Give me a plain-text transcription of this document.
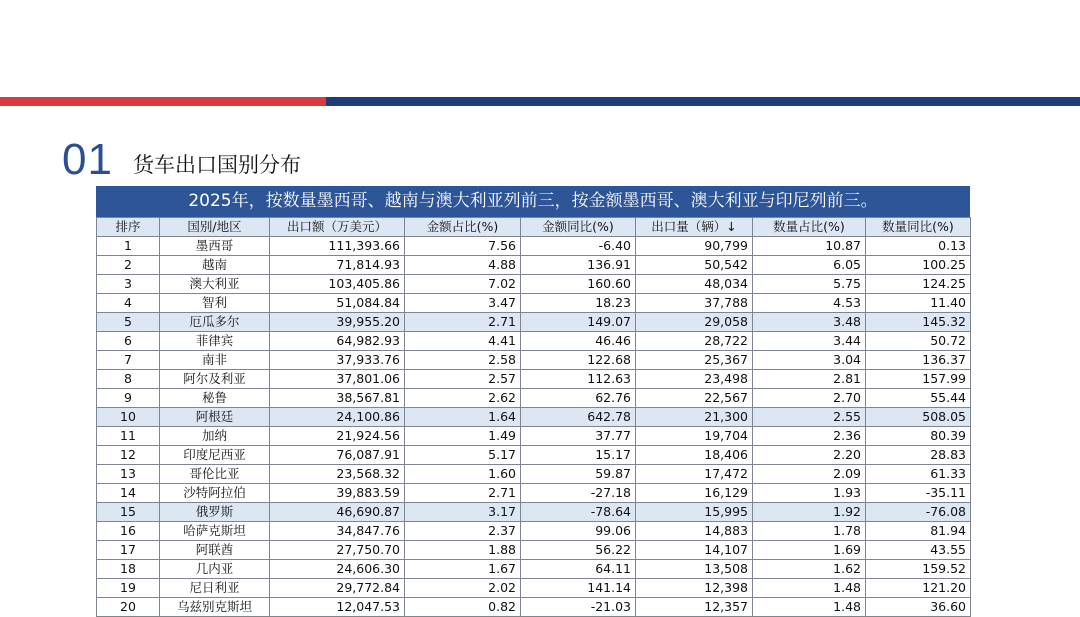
01 货车出口国别分布
2025年，按数量墨西哥、越南与澳大利亚列前三，按金额墨西哥、澳大利亚与印尼列前三。
排序	国别/地区	出口额（万美元）	金额占比(%)	金额同比(%)	出口量（辆）↓	数量占比(%)	数量同比(%)
1	墨西哥	111,393.66	7.56	-6.40	90,799	10.87	0.13
2	越南	71,814.93	4.88	136.91	50,542	6.05	100.25
3	澳大利亚	103,405.86	7.02	160.60	48,034	5.75	124.25
4	智利	51,084.84	3.47	18.23	37,788	4.53	11.40
5	厄瓜多尔	39,955.20	2.71	149.07	29,058	3.48	145.32
6	菲律宾	64,982.93	4.41	46.46	28,722	3.44	50.72
7	南非	37,933.76	2.58	122.68	25,367	3.04	136.37
8	阿尔及利亚	37,801.06	2.57	112.63	23,498	2.81	157.99
9	秘鲁	38,567.81	2.62	62.76	22,567	2.70	55.44
10	阿根廷	24,100.86	1.64	642.78	21,300	2.55	508.05
11	加纳	21,924.56	1.49	37.77	19,704	2.36	80.39
12	印度尼西亚	76,087.91	5.17	15.17	18,406	2.20	28.83
13	哥伦比亚	23,568.32	1.60	59.87	17,472	2.09	61.33
14	沙特阿拉伯	39,883.59	2.71	-27.18	16,129	1.93	-35.11
15	俄罗斯	46,690.87	3.17	-78.64	15,995	1.92	-76.08
16	哈萨克斯坦	34,847.76	2.37	99.06	14,883	1.78	81.94
17	阿联酋	27,750.70	1.88	56.22	14,107	1.69	43.55
18	几内亚	24,606.30	1.67	64.11	13,508	1.62	159.52
19	尼日利亚	29,772.84	2.02	141.14	12,398	1.48	121.20
20	乌兹别克斯坦	12,047.53	0.82	-21.03	12,357	1.48	36.60
